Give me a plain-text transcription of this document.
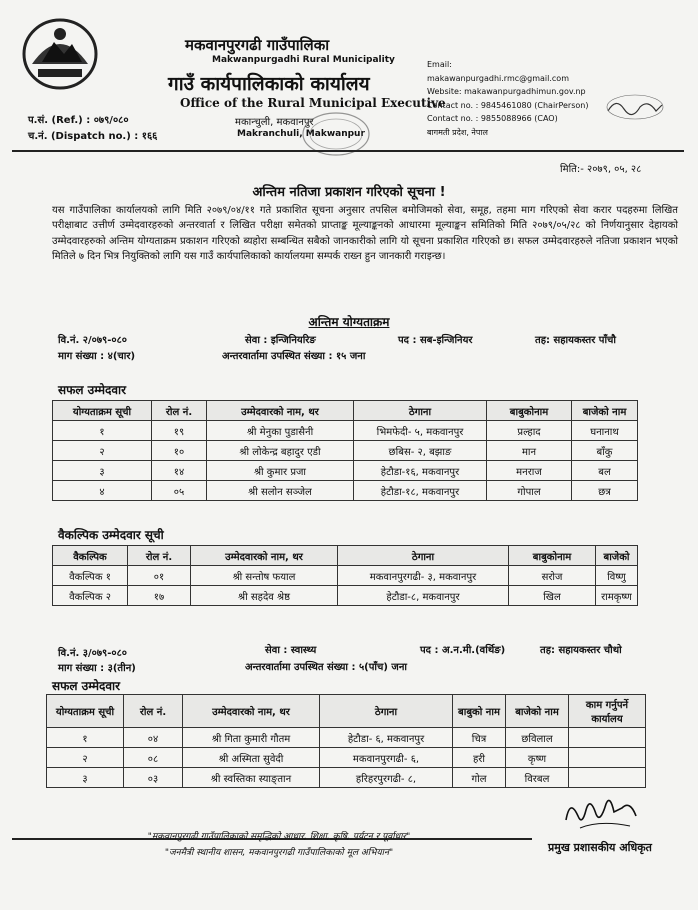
मकवानपुरगढी गाउँपालिका
Makwanpurgadhi Rural Municipality
गाउँ कार्यपालिकाको कार्यालय
Office of the Rural Municipal Executive
मकान्चुली, मकवानपुर
Makranchuli, Makwanpur
Email:
makawanpurgadhi.rmc@gmail.com
Website: makawanpurgadhimun.gov.np
Contact no. : 9845461080 (ChairPerson)
Contact no. : 9855088966 (CAO)
बागमती प्रदेश, नेपाल
प.सं. (Ref.) : ०७९/०८०
च.नं. (Dispatch no.) : १६६
मिति:- २०७९, ०५, २८
अन्तिम नतिजा प्रकाशन गरिएको सूचना !
यस गाउँपालिका कार्यालयको लागि मिति २०७९/०४/११ गते प्रकाशित सूचना अनुसार तपसिल बमोजिमको सेवा, समूह, तहमा माग गरिएको सेवा करार पदहरुमा लिखित परीक्षाबाट उत्तीर्ण उम्मेदवारहरुको अन्तरवार्ता र लिखित परीक्षा समेतको प्राप्ताङ्क मूल्याङ्कनको आधारमा मूल्याङ्कन समितिको मिति २०७९/०५/२८ को निर्णयानुसार देहायको उम्मेदवारहरुको अन्तिम योग्यताक्रम प्रकाशन गरिएको ब्यहोरा सम्बन्धित सबैको जानकारीको लागि यो सूचना प्रकाशित गरिएको छ। सफल उम्मेदवारहरुले नतिजा प्रकाशन भएको मितिले ७ दिन भित्र नियुक्तिको लागि यस गाउँ कार्यपालिकाको कार्यालयमा सम्पर्क राख्न हुन जानकारी गराइन्छ।
अन्तिम योग्यताक्रम
वि.नं. २/०७९-०८०	सेवा : इन्जिनियरिङ	पद : सब-इन्जिनियर	तह: सहायकस्तर पाँचौ
माग संख्या : ४(चार)	अन्तरवार्तामा उपस्थित संख्या : १५ जना
सफल उम्मेदवार
योग्यताक्रम सूची	रोल नं.	उम्मेदवारको नाम, थर	ठेगाना	बाबुकोनाम	बाजेको नाम
१	१९	श्री मेनुका पुडासैनी	भिमफेदी- ५, मकवानपुर	प्रल्हाद	घनानाथ
२	१०	श्री लोकेन्द्र बहादुर एडी	छबिस- २, बझाङ	मान	बाँकु
३	१४	श्री कुमार प्रजा	हेटौडा-१६, मकवानपुर	मनराज	बल
४	०५	श्री सलोन सञ्जेल	हेटौडा-१८, मकवानपुर	गोपाल	छत्र
वैकल्पिक उम्मेदवार सूची
वैकल्पिक	रोल नं.	उम्मेदवारको नाम, थर	ठेगाना	बाबुकोनाम	बाजेको
वैकल्पिक १	०१	श्री सन्तोष फयाल	मकवानपुरगढी- ३, मकवानपुर	सरोज	विष्णु
वैकल्पिक २	१७	श्री सहदेव श्रेष्ठ	हेटौडा-८, मकवानपुर	खिल	रामकृष्ण
वि.नं. ३/०७९-०८०	सेवा : स्वास्थ्य	पद : अ.न.मी.(वर्थिङ)	तह: सहायकस्तर चौथो
माग संख्या : ३(तीन)	अन्तरवार्तामा उपस्थित संख्या : ५(पाँच) जना
सफल उम्मेदवार
योग्यताक्रम सूची	रोल नं.	उम्मेदवारको नाम, थर	ठेगाना	बाबुको नाम	बाजेको नाम	काम गर्नुपर्ने कार्यालय
१	०४	श्री गिता कुमारी गौतम	हेटौडा- ६, मकवानपुर	चित्र	छविलाल	
२	०८	श्री अस्मिता सुवेदी	मकवानपुरगढी- ६,	हरी	कृष्ण	
३	०३	श्री स्वस्तिका स्याङ्तान	हरिहरपुरगढी- ८,	गोल	विरबल	
"मकवानपुरगढी गाउँपालिकाको समृद्धिको आधार, शिक्षा, कृषि, पर्यटन र पूर्वाधार"
"जनमैत्री स्थानीय शासन, मकवानपुरगढी गाउँपालिकाको मूल अभियान"	प्रमुख प्रशासकीय अधिकृत
